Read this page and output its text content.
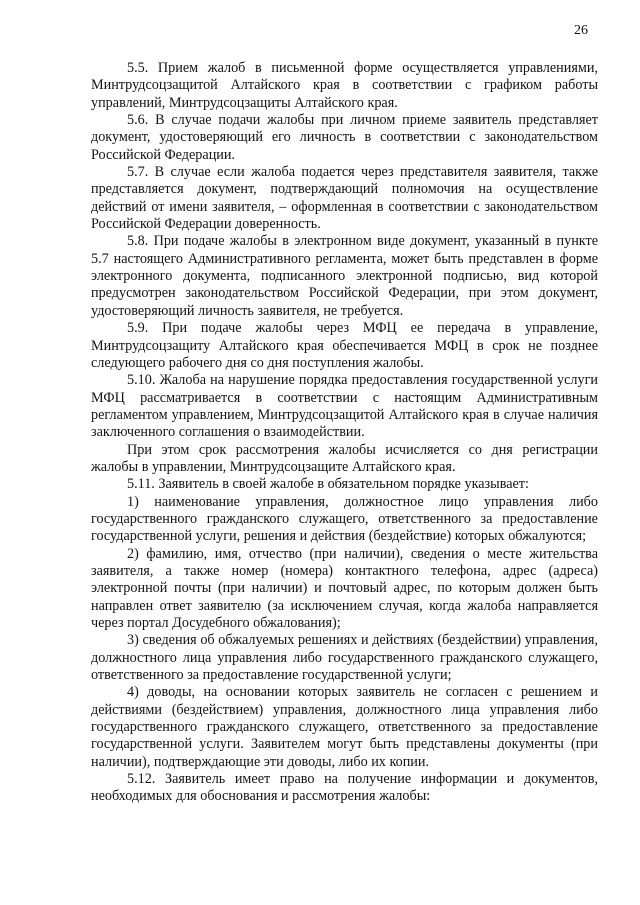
26

5.5. Прием жалоб в письменной форме осуществляется управлениями, Минтрудсоцзащитой Алтайского края в соответствии с графиком работы управлений, Минтрудсоцзащиты Алтайского края.

5.6. В случае подачи жалобы при личном приеме заявитель представляет документ, удостоверяющий его личность в соответствии с законодательством Российской Федерации.

5.7. В случае если жалоба подается через представителя заявителя, также представляется документ, подтверждающий полномочия на осуществление действий от имени заявителя, – оформленная в соответствии с законодательством Российской Федерации доверенность.

5.8. При подаче жалобы в электронном виде документ, указанный в пункте 5.7 настоящего Административного регламента, может быть представлен в форме электронного документа, подписанного электронной подписью, вид которой предусмотрен законодательством Российской Федерации, при этом документ, удостоверяющий личность заявителя, не требуется.

5.9. При подаче жалобы через МФЦ ее передача в управление, Минтрудсоцзащиту Алтайского края обеспечивается МФЦ в срок не позднее следующего рабочего дня со дня поступления жалобы.

5.10. Жалоба на нарушение порядка предоставления государственной услуги МФЦ рассматривается в соответствии с настоящим Административным регламентом управлением, Минтрудсоцзащитой Алтайского края в случае наличия заключенного соглашения о взаимодействии.

При этом срок рассмотрения жалобы исчисляется со дня регистрации жалобы в управлении, Минтрудсоцзащите Алтайского края.

5.11. Заявитель в своей жалобе в обязательном порядке указывает:

1) наименование управления, должностное лицо управления либо государственного гражданского служащего, ответственного за предоставление государственной услуги, решения и действия (бездействие) которых обжалуются;

2) фамилию, имя, отчество (при наличии), сведения о месте жительства заявителя, а также номер (номера) контактного телефона, адрес (адреса) электронной почты (при наличии) и почтовый адрес, по которым должен быть направлен ответ заявителю (за исключением случая, когда жалоба направляется через портал Досудебного обжалования);

3) сведения об обжалуемых решениях и действиях (бездействии) управления, должностного лица управления либо государственного гражданского служащего, ответственного за предоставление государственной услуги;

4) доводы, на основании которых заявитель не согласен с решением и действиями (бездействием) управления, должностного лица управления либо государственного гражданского служащего, ответственного за предоставление государственной услуги. Заявителем могут быть представлены документы (при наличии), подтверждающие эти доводы, либо их копии.

5.12. Заявитель имеет право на получение информации и документов, необходимых для обоснования и рассмотрения жалобы:
